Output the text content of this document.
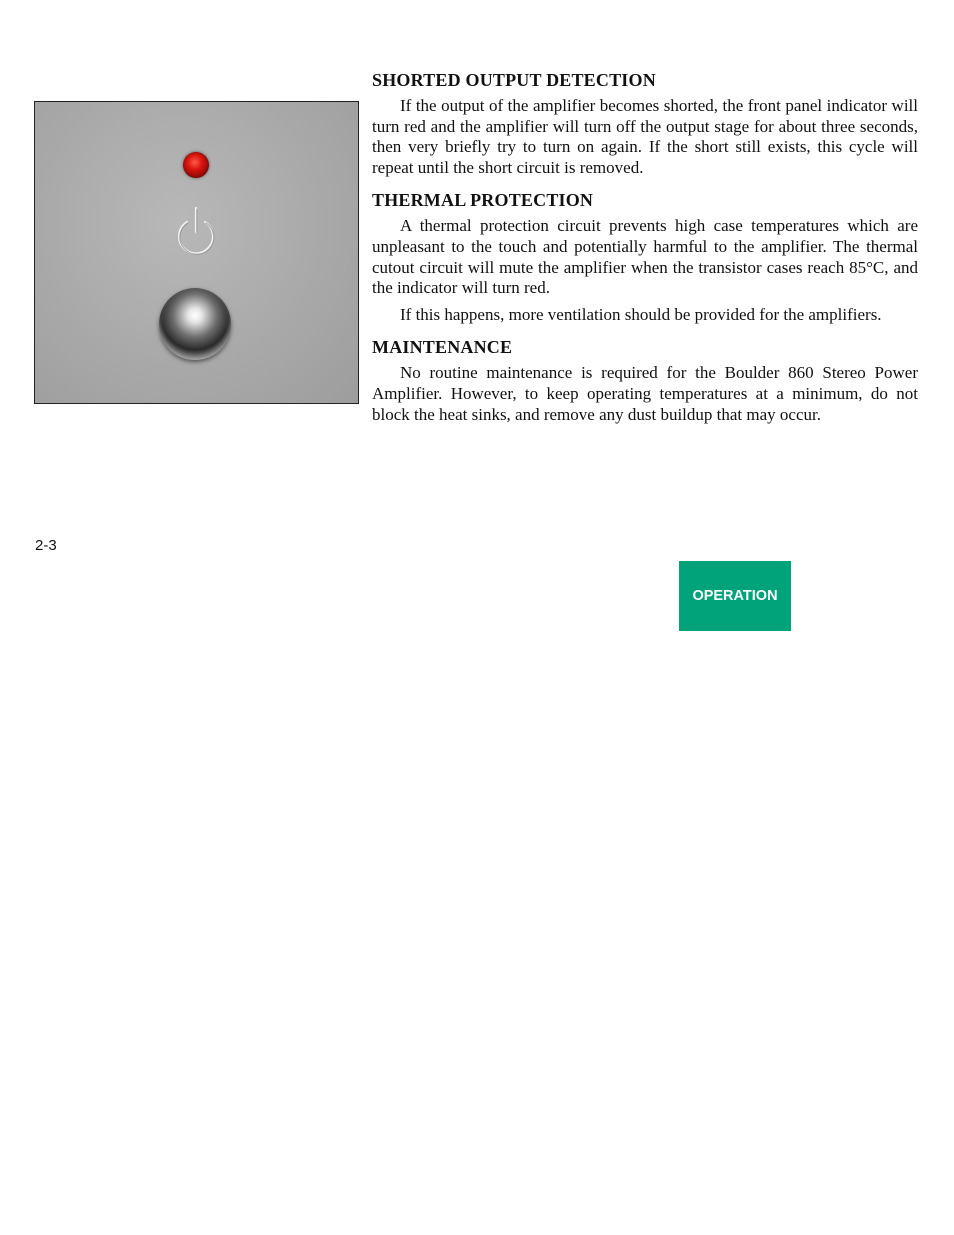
SHORTED OUTPUT DETECTION

If the output of the amplifier becomes shorted, the front panel indicator will turn red and the amplifier will turn off the output stage for about three seconds, then very briefly try to turn on again. If the short still exists, this cycle will repeat until the short circuit is removed.

THERMAL PROTECTION

A thermal protection circuit prevents high case temperatures which are unpleasant to the touch and potentially harmful to the amplifier. The thermal cutout circuit will mute the amplifier when the transistor cases reach 85°C, and the indicator will turn red.

If this happens, more ventilation should be provided for the amplifiers.

MAINTENANCE

No routine maintenance is required for the Boulder 860 Stereo Power Amplifier. However, to keep operating temperatures at a minimum, do not block the heat sinks, and remove any dust buildup that may occur.

2-3
OPERATION
